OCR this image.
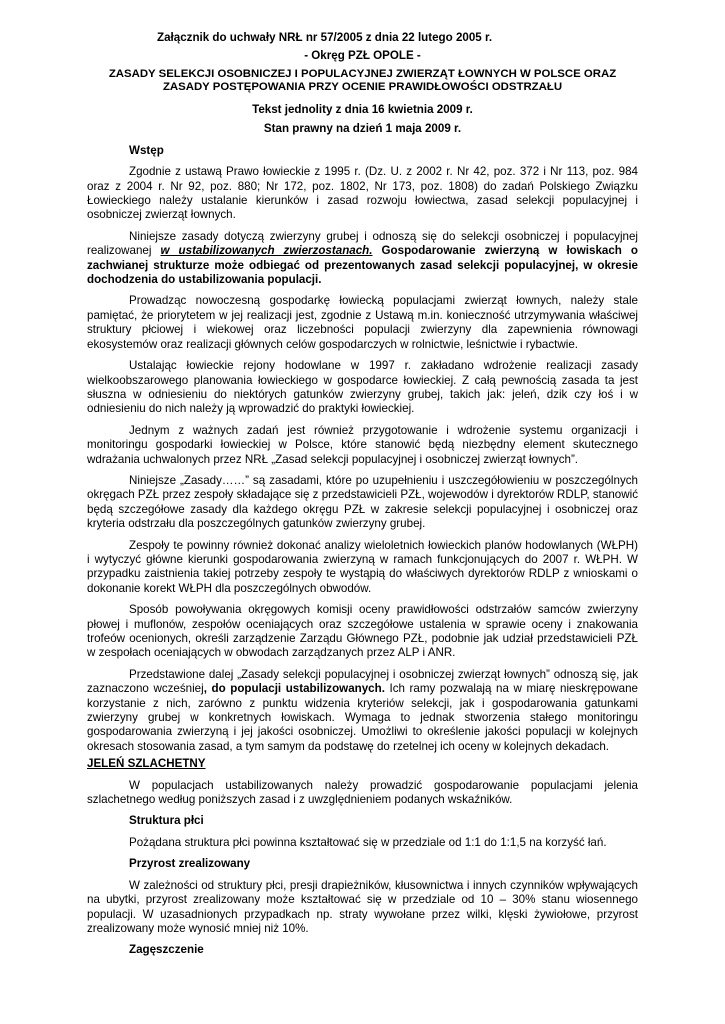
Załącznik do uchwały NRŁ nr 57/2005 z dnia 22 lutego 2005 r.
- Okręg PZŁ OPOLE -
ZASADY SELEKCJI OSOBNICZEJ I POPULACYJNEJ ZWIERZĄT ŁOWNYCH W POLSCE ORAZ
ZASADY POSTĘPOWANIA PRZY OCENIE PRAWIDŁOWOŚCI ODSTRZAŁU
Tekst jednolity z dnia 16 kwietnia 2009 r.
Stan prawny na dzień 1 maja 2009 r.
Wstęp

Zgodnie z ustawą Prawo łowieckie z 1995 r. (Dz. U. z 2002 r. Nr 42, poz. 372 i Nr 113, poz. 984 oraz z 2004 r. Nr 92, poz. 880; Nr 172, poz. 1802, Nr 173, poz. 1808) do zadań Polskiego Związku Łowieckiego należy ustalanie kierunków i zasad rozwoju łowiectwa, zasad selekcji populacyjnej i osobniczej zwierząt łownych.

Niniejsze zasady dotyczą zwierzyny grubej i odnoszą się do selekcji osobniczej i populacyjnej realizowanej w ustabilizowanych zwierzostanach. Gospodarowanie zwierzyną w łowiskach o zachwianej strukturze może odbiegać od prezentowanych zasad selekcji populacyjnej, w okresie dochodzenia do ustabilizowania populacji.

Prowadząc nowoczesną gospodarkę łowiecką populacjami zwierząt łownych, należy stale pamiętać, że priorytetem w jej realizacji jest, zgodnie z Ustawą m.in. konieczność utrzymywania właściwej struktury płciowej i wiekowej oraz liczebności populacji zwierzyny dla zapewnienia równowagi ekosystemów oraz realizacji głównych celów gospodarczych w rolnictwie, leśnictwie i rybactwie.

Ustalając łowieckie rejony hodowlane w 1997 r. zakładano wdrożenie realizacji zasady wielkoobszarowego planowania łowieckiego w gospodarce łowieckiej. Z całą pewnością zasada ta jest słuszna w odniesieniu do niektórych gatunków zwierzyny grubej, takich jak: jeleń, dzik czy łoś i w odniesieniu do nich należy ją wprowadzić do praktyki łowieckiej.

Jednym z ważnych zadań jest również przygotowanie i wdrożenie systemu organizacji i monitoringu gospodarki łowieckiej w Polsce, które stanowić będą niezbędny element skutecznego wdrażania uchwalonych przez NRŁ „Zasad selekcji populacyjnej i osobniczej zwierząt łownych”.

Niniejsze „Zasady……” są zasadami, które po uzupełnieniu i uszczegółowieniu w poszczególnych okręgach PZŁ przez zespoły składające się z przedstawicieli PZŁ, wojewodów i dyrektorów RDLP, stanowić będą szczegółowe zasady dla każdego okręgu PZŁ w zakresie selekcji populacyjnej i osobniczej oraz kryteria odstrzału dla poszczególnych gatunków zwierzyny grubej.

Zespoły te powinny również dokonać analizy wieloletnich łowieckich planów hodowlanych (WŁPH) i wytyczyć główne kierunki gospodarowania zwierzyną w ramach funkcjonujących do 2007 r. WŁPH. W przypadku zaistnienia takiej potrzeby zespoły te wystąpią do właściwych dyrektorów RDLP z wnioskami o dokonanie korekt WŁPH dla poszczególnych obwodów.

Sposób powoływania okręgowych komisji oceny prawidłowości odstrzałów samców zwierzyny płowej i muflonów, zespołów oceniających oraz szczegółowe ustalenia w sprawie oceny i znakowania trofeów ocenionych, określi zarządzenie Zarządu Głównego PZŁ, podobnie jak udział przedstawicieli PZŁ w zespołach oceniających w obwodach zarządzanych przez ALP i ANR.

Przedstawione dalej „Zasady selekcji populacyjnej i osobniczej zwierząt łownych” odnoszą się, jak zaznaczono wcześniej, do populacji ustabilizowanych. Ich ramy pozwalają na w miarę nieskrępowane korzystanie z nich, zarówno z punktu widzenia kryteriów selekcji, jak i gospodarowania gatunkami zwierzyny grubej w konkretnych łowiskach. Wymaga to jednak stworzenia stałego monitoringu gospodarowania zwierzyną i jej jakości osobniczej. Umożliwi to określenie jakości populacji w kolejnych okresach stosowania zasad, a tym samym da podstawę do rzetelnej ich oceny w kolejnych dekadach.

JELEŃ SZLACHETNY

W populacjach ustabilizowanych należy prowadzić gospodarowanie populacjami jelenia szlachetnego według poniższych zasad i z uwzględnieniem podanych wskaźników.

Struktura płci

Pożądana struktura płci powinna kształtować się w przedziale od 1:1 do 1:1,5 na korzyść łań.

Przyrost zrealizowany

W zależności od struktury płci, presji drapieżników, kłusownictwa i innych czynników wpływających na ubytki, przyrost zrealizowany może kształtować się w przedziale od 10 – 30% stanu wiosennego populacji. W uzasadnionych przypadkach np. straty wywołane przez wilki, klęski żywiołowe, przyrost zrealizowany może wynosić mniej niż 10%.

Zagęszczenie
